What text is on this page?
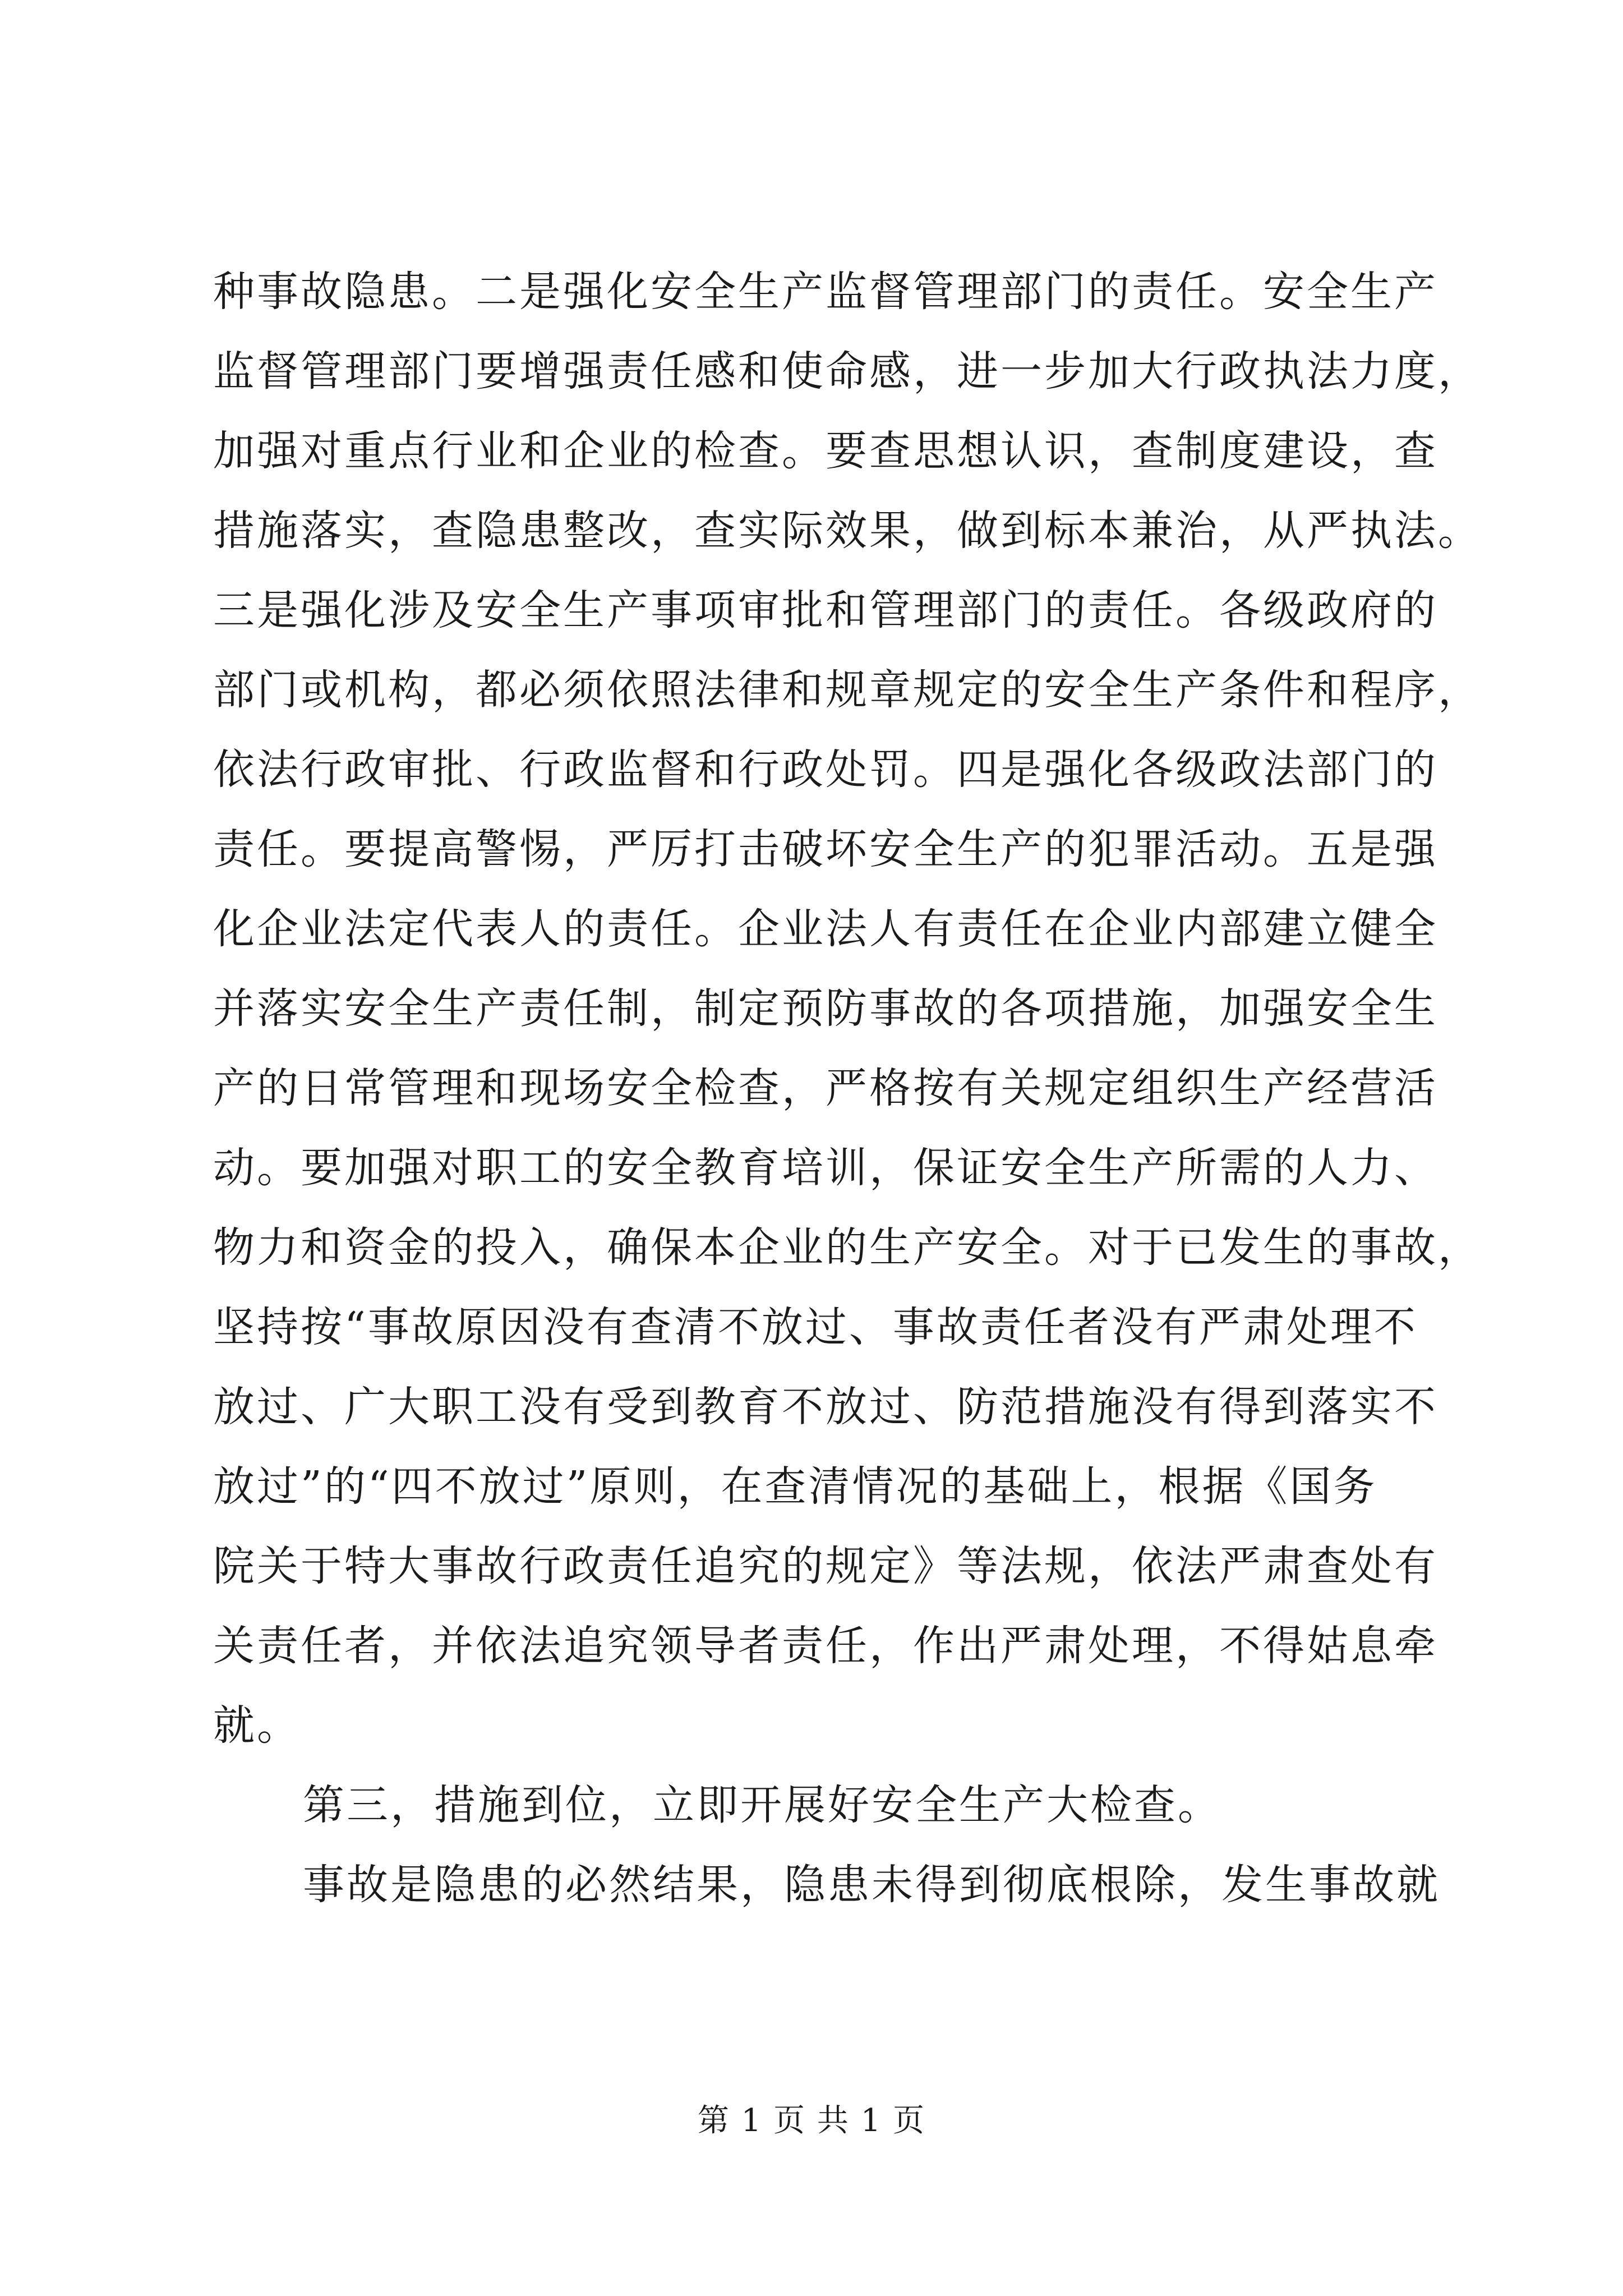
种事故隐患。二是强化安全生产监督管理部门的责任。安全生产
监督管理部门要增强责任感和使命感，进一步加大行政执法力度，
加强对重点行业和企业的检查。要查思想认识，查制度建设，查
措施落实，查隐患整改，查实际效果，做到标本兼治，从严执法。
三是强化涉及安全生产事项审批和管理部门的责任。各级政府的
部门或机构，都必须依照法律和规章规定的安全生产条件和程序，
依法行政审批、行政监督和行政处罚。四是强化各级政法部门的
责任。要提高警惕，严厉打击破坏安全生产的犯罪活动。五是强
化企业法定代表人的责任。企业法人有责任在企业内部建立健全
并落实安全生产责任制，制定预防事故的各项措施，加强安全生
产的日常管理和现场安全检查，严格按有关规定组织生产经营活
动。要加强对职工的安全教育培训，保证安全生产所需的人力、
物力和资金的投入，确保本企业的生产安全。对于已发生的事故，
坚持按“事故原因没有查清不放过、事故责任者没有严肃处理不
放过、广大职工没有受到教育不放过、防范措施没有得到落实不
放过”的“四不放过”原则，在查清情况的基础上，根据《国务
院关于特大事故行政责任追究的规定》等法规，依法严肃查处有
关责任者，并依法追究领导者责任，作出严肃处理，不得姑息牵
就。
第三，措施到位，立即开展好安全生产大检查。
事故是隐患的必然结果，隐患未得到彻底根除，发生事故就
第 1 页 共 1 页
